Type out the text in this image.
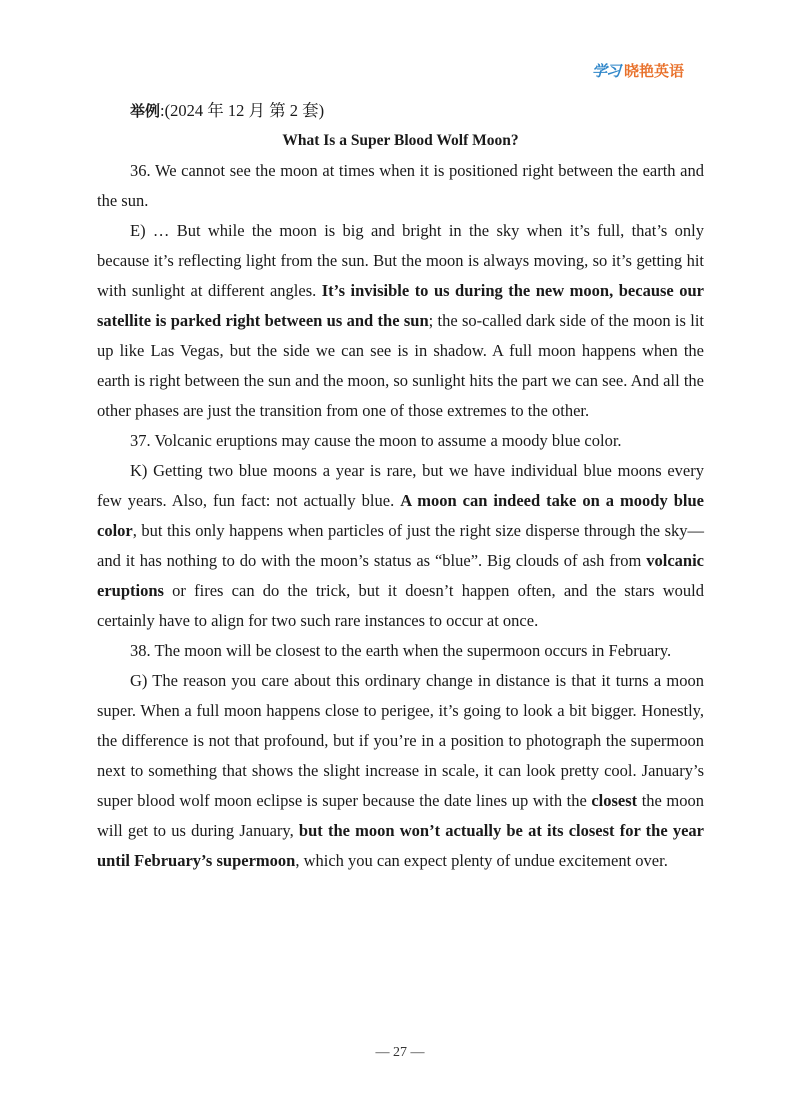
学习 晓艳英语

举例:(2024 年 12 月 第 2 套)

What Is a Super Blood Wolf Moon?

36. We cannot see the moon at times when it is positioned right between the earth and the sun.

E) … But while the moon is big and bright in the sky when it’s full, that’s only because it’s reflecting light from the sun. But the moon is always moving, so it’s getting hit with sunlight at different angles. It’s invisible to us during the new moon, because our satellite is parked right between us and the sun; the so-called dark side of the moon is lit up like Las Vegas, but the side we can see is in shadow. A full moon happens when the earth is right between the sun and the moon, so sunlight hits the part we can see. And all the other phases are just the transition from one of those extremes to the other.

37. Volcanic eruptions may cause the moon to assume a moody blue color.

K) Getting two blue moons a year is rare, but we have individual blue moons every few years. Also, fun fact: not actually blue. A moon can indeed take on a moody blue color, but this only happens when particles of just the right size disperse through the sky—and it has nothing to do with the moon’s status as “blue”. Big clouds of ash from volcanic eruptions or fires can do the trick, but it doesn’t happen often, and the stars would certainly have to align for two such rare instances to occur at once.

38. The moon will be closest to the earth when the supermoon occurs in February.

G) The reason you care about this ordinary change in distance is that it turns a moon super. When a full moon happens close to perigee, it’s going to look a bit bigger. Honestly, the difference is not that profound, but if you’re in a position to photograph the supermoon next to something that shows the slight increase in scale, it can look pretty cool. January’s super blood wolf moon eclipse is super because the date lines up with the closest the moon will get to us during January, but the moon won’t actually be at its closest for the year until February’s supermoon, which you can expect plenty of undue excitement over.

— 27 —
